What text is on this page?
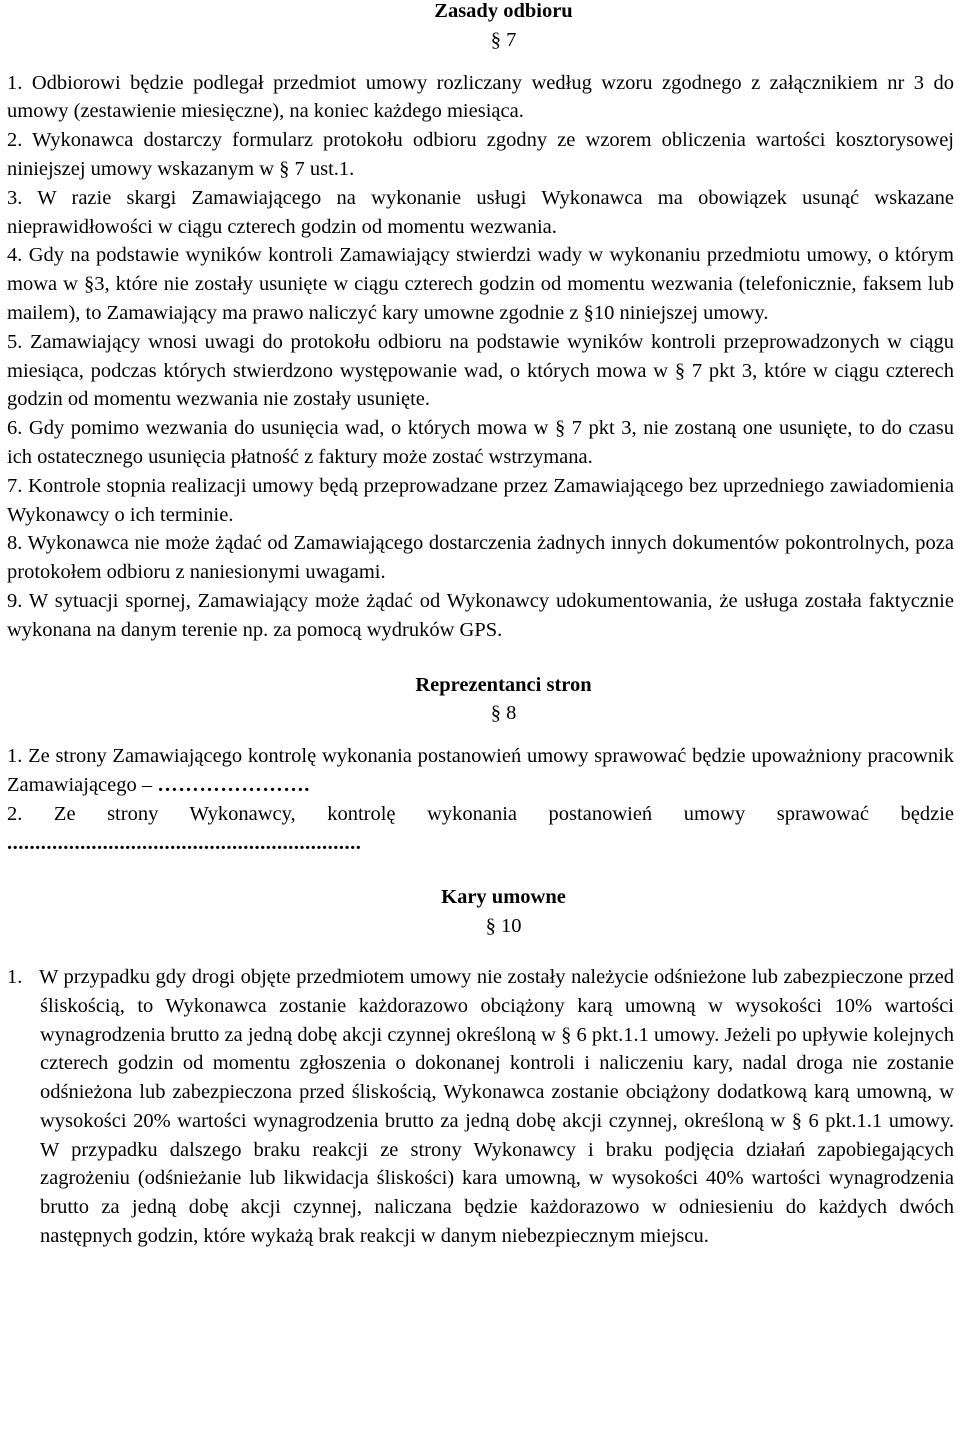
Zasady odbioru

§ 7

1. Odbiorowi będzie podlegał przedmiot umowy rozliczany według wzoru zgodnego z załącznikiem nr 3 do umowy (zestawienie miesięczne), na koniec każdego miesiąca.
2. Wykonawca dostarczy formularz protokołu odbioru zgodny ze wzorem obliczenia wartości kosztorysowej niniejszej umowy wskazanym w § 7 ust.1.
3. W razie skargi Zamawiającego na wykonanie usługi Wykonawca ma obowiązek usunąć wskazane nieprawidłowości w ciągu czterech godzin od momentu wezwania.
4. Gdy na podstawie wyników kontroli Zamawiający stwierdzi wady w wykonaniu przedmiotu umowy, o którym mowa w §3, które nie zostały usunięte w ciągu czterech godzin od momentu wezwania (telefonicznie, faksem lub mailem), to Zamawiający ma prawo naliczyć kary umowne zgodnie z §10 niniejszej umowy.
5. Zamawiający wnosi uwagi do protokołu odbioru na podstawie wyników kontroli przeprowadzonych w ciągu miesiąca, podczas których stwierdzono występowanie wad, o których mowa w § 7 pkt 3, które w ciągu czterech godzin od momentu wezwania nie zostały usunięte.
6. Gdy pomimo wezwania do usunięcia wad, o których mowa w § 7 pkt 3, nie zostaną one usunięte, to do czasu ich ostatecznego usunięcia płatność z faktury może zostać wstrzymana.
7. Kontrole stopnia realizacji umowy będą przeprowadzane przez Zamawiającego bez uprzedniego zawiadomienia Wykonawcy o ich terminie.
8. Wykonawca nie może żądać od Zamawiającego dostarczenia żadnych innych dokumentów pokontrolnych, poza protokołem odbioru z naniesionymi uwagami.
9. W sytuacji spornej, Zamawiający może żądać od Wykonawcy udokumentowania, że usługa została faktycznie wykonana na danym terenie np. za pomocą wydruków GPS.

Reprezentanci stron

§ 8

1. Ze strony Zamawiającego kontrolę wykonania postanowień umowy sprawować będzie upoważniony pracownik Zamawiającego – ………………….
2. Ze strony Wykonawcy, kontrolę wykonania postanowień umowy sprawować będzie ...............................................................

Kary umowne

§ 10

1. W przypadku gdy drogi objęte przedmiotem umowy nie zostały należycie odśnieżone lub zabezpieczone przed śliskością, to Wykonawca zostanie każdorazowo obciążony karą umowną w wysokości 10% wartości wynagrodzenia brutto za jedną dobę akcji czynnej określoną w § 6 pkt.1.1 umowy. Jeżeli po upływie kolejnych czterech godzin od momentu zgłoszenia o dokonanej kontroli i naliczeniu kary, nadal droga nie zostanie odśnieżona lub zabezpieczona przed śliskością, Wykonawca zostanie obciążony dodatkową karą umowną, w wysokości 20% wartości wynagrodzenia brutto za jedną dobę akcji czynnej, określoną w § 6 pkt.1.1 umowy. W przypadku dalszego braku reakcji ze strony Wykonawcy i braku podjęcia działań zapobiegających zagrożeniu (odśnieżanie lub likwidacja śliskości) kara umowną, w wysokości 40% wartości wynagrodzenia brutto za jedną dobę akcji czynnej, naliczana będzie każdorazowo w odniesieniu do każdych dwóch następnych godzin, które wykażą brak reakcji w danym niebezpiecznym miejscu.
